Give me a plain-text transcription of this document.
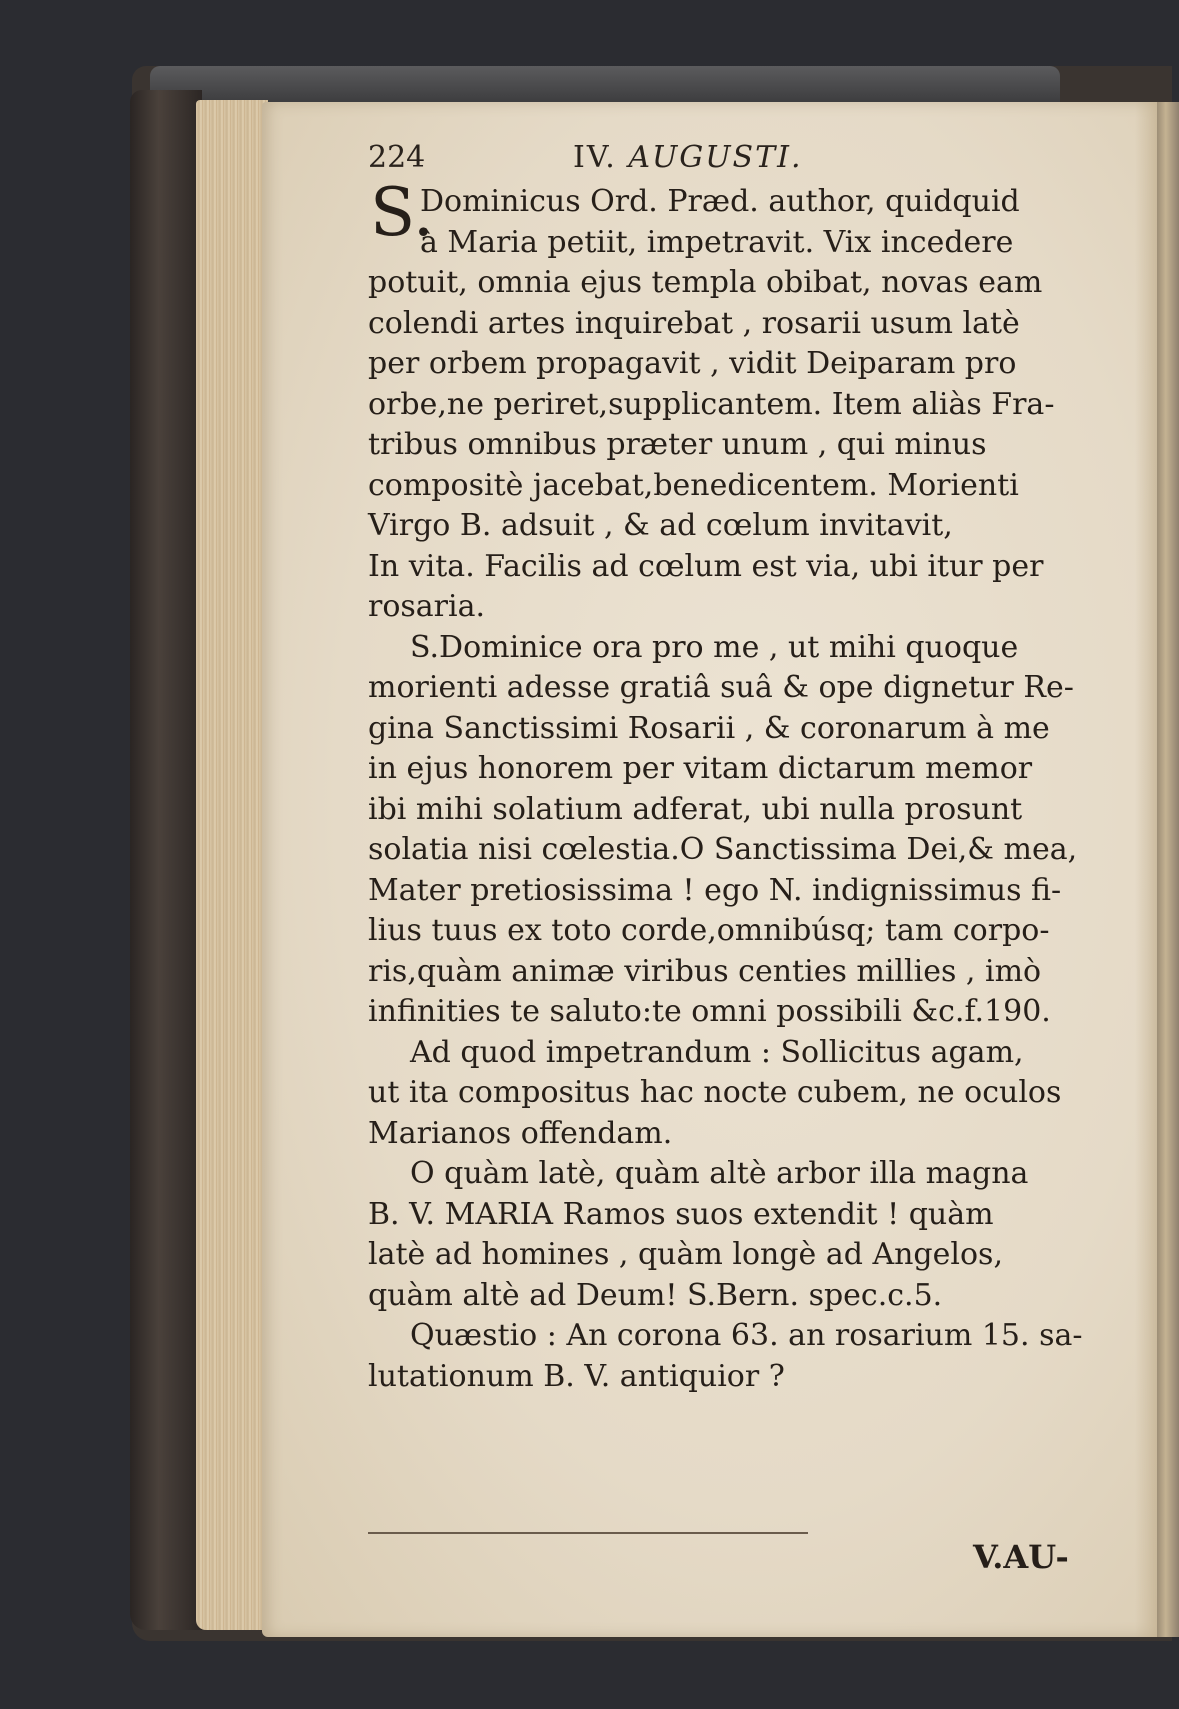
224	IV. AUGUSTI.
S.
Dominicus Ord. Præd. author, quidquid
à Maria petiit, impetravit. Vix incedere
potuit, omnia ejus templa obibat, novas eam
colendi artes inquirebat , rosarii usum latè
per orbem propagavit , vidit Deiparam pro
orbe,ne periret,supplicantem. Item aliàs Fra-
tribus omnibus præter unum , qui minus
compositè jacebat,benedicentem. Morienti
Virgo B. adsuit , & ad cœlum invitavit,
In vita. Facilis ad cœlum est via, ubi itur per
rosaria.
S.Dominice ora pro me , ut mihi quoque
morienti adesse gratiâ suâ & ope dignetur Re-
gina Sanctissimi Rosarii , & coronarum à me
in ejus honorem per vitam dictarum memor
ibi mihi solatium adferat, ubi nulla prosunt
solatia nisi cœlestia.O Sanctissima Dei,& mea,
Mater pretiosissima ! ego N. indignissimus fi-
lius tuus ex toto corde,omnibúsq; tam corpo-
ris,quàm animæ viribus centies millies , imò
infinities te saluto:te omni possibili &c.f.190.
Ad quod impetrandum : Sollicitus agam,
ut ita compositus hac nocte cubem, ne oculos
Marianos offendam.
O quàm latè, quàm altè arbor illa magna
B. V. MARIA Ramos suos extendit ! quàm
latè ad homines , quàm longè ad Angelos,
quàm altè ad Deum! S.Bern. spec.c.5.
Quæstio : An corona 63. an rosarium 15. sa-
lutationum B. V. antiquior ?
V.AU-
